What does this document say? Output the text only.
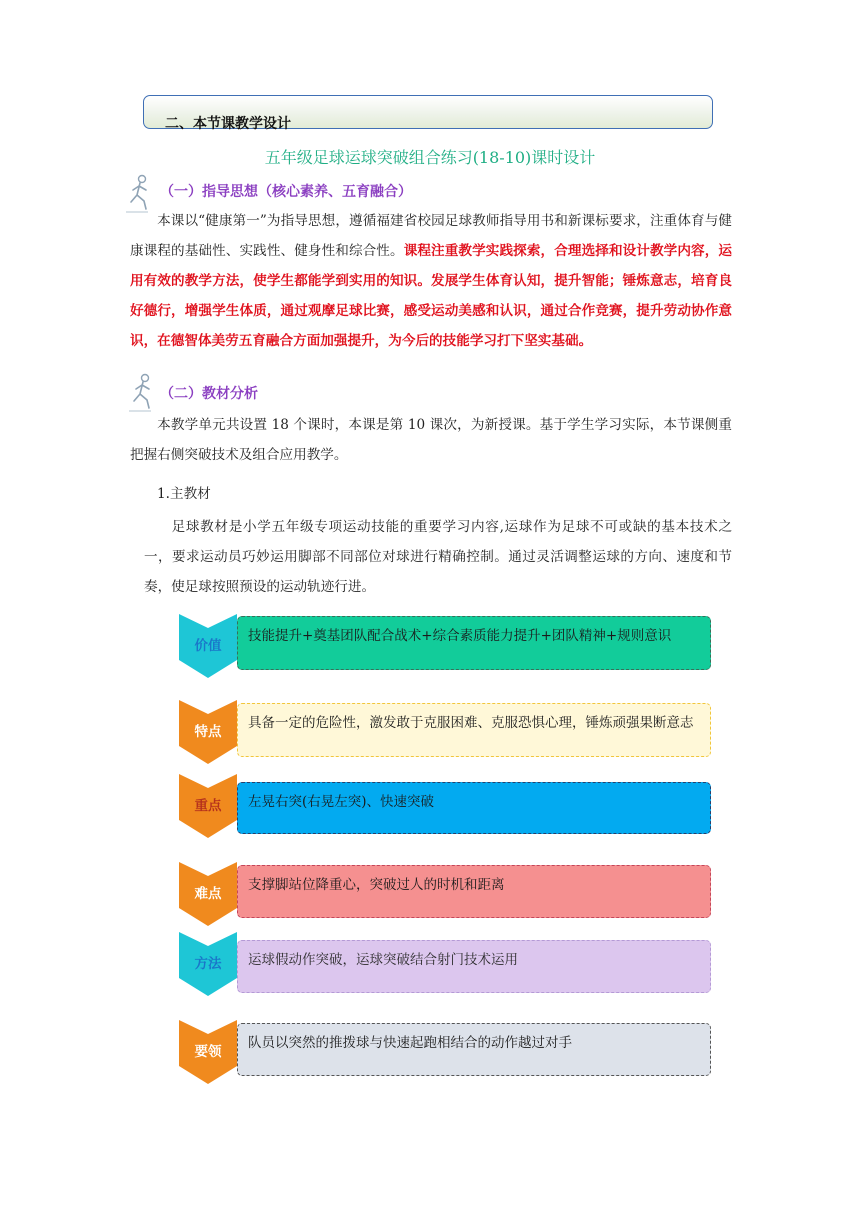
二、本节课教学设计
五年级足球运球突破组合练习(18-10)课时设计
（一）指导思想（核心素养、五育融合）

本课以“健康第一”为指导思想，遵循福建省校园足球教师指导用书和新课标要求，注重体育与健康课程的基础性、实践性、健身性和综合性。课程注重教学实践探索，合理选择和设计教学内容，运用有效的教学方法，使学生都能学到实用的知识。发展学生体育认知，提升智能；锤炼意志，培育良好德行，增强学生体质，通过观摩足球比赛，感受运动美感和认识，通过合作竞赛，提升劳动协作意识，在德智体美劳五育融合方面加强提升，为今后的技能学习打下坚实基础。

（二）教材分析

本教学单元共设置 18 个课时，本课是第 10 课次，为新授课。基于学生学习实际，本节课侧重把握右侧突破技术及组合应用教学。

1.主教材

足球教材是小学五年级专项运动技能的重要学习内容,运球作为足球不可或缺的基本技术之一，要求运动员巧妙运用脚部不同部位对球进行精确控制。通过灵活调整运球的方向、速度和节奏，使足球按照预设的运动轨迹行进。

价值
技能提升+奠基团队配合战术+综合素质能力提升+团队精神+规则意识
特点
具备一定的危险性，激发敢于克服困难、克服恐惧心理，锤炼顽强果断意志
重点	左晃右突(右晃左突)、快速突破
难点
支撑脚站位降重心，突破过人的时机和距离
方法	运球假动作突破，运球突破结合射门技术运用
要领
队员以突然的推拨球与快速起跑相结合的动作越过对手
